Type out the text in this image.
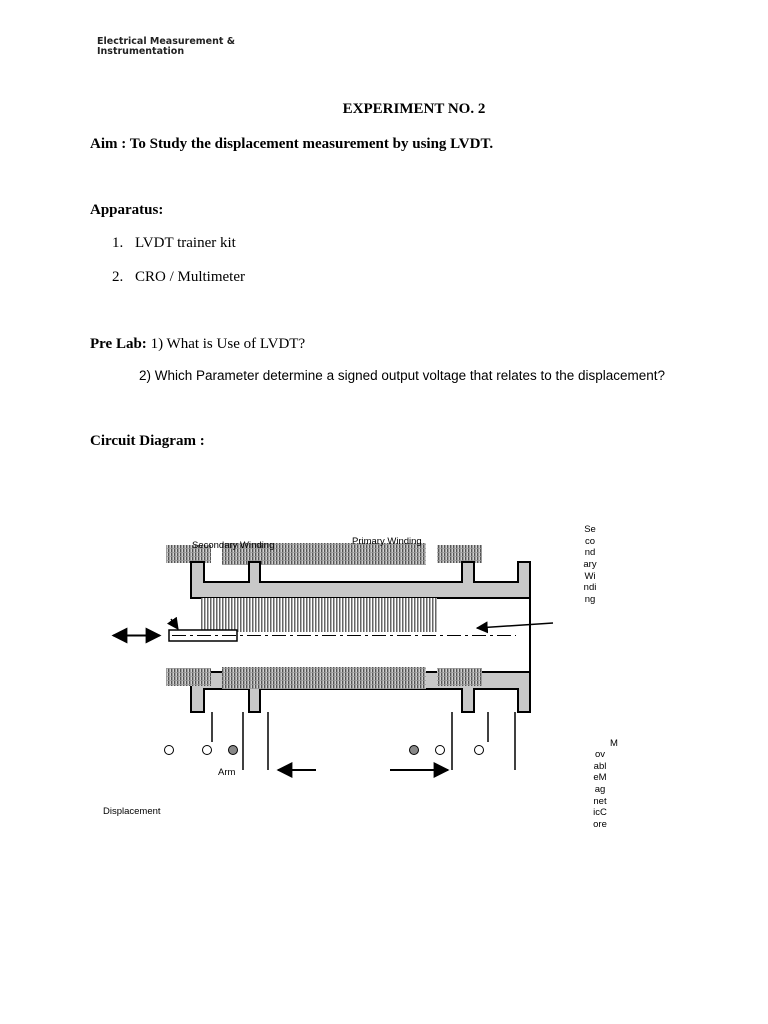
Electrical Measurement &
Instrumentation
EXPERIMENT NO. 2
Aim : To Study the displacement measurement by using LVDT.
Apparatus:
1. LVDT trainer kit
2. CRO / Multimeter
Pre Lab: 1) What is Use of LVDT?
2) Which Parameter determine a signed output voltage that relates to the displacement?
Circuit Diagram :
Secondary Winding	Primary Winding
Arm
Displacement
SecondaryWinding
M
ovableMagneticCore
